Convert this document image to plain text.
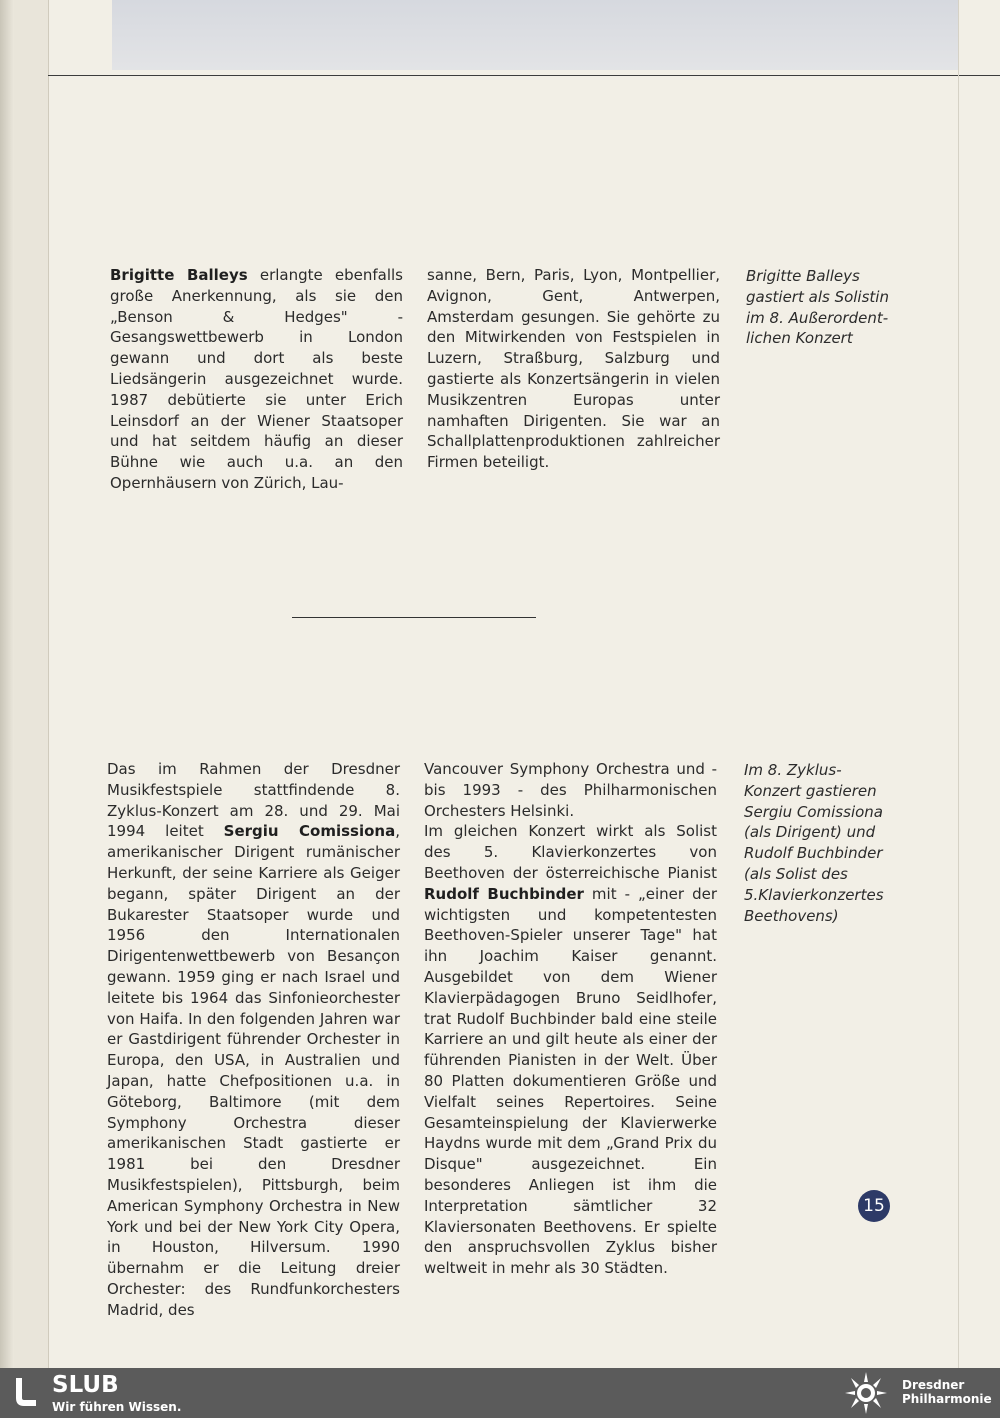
Brigitte Balleys erlangte ebenfalls große Anerkennung, als sie den „Benson & Hedges" - Gesangswettbewerb in London gewann und dort als beste Liedsängerin ausgezeichnet wurde. 1987 debütierte sie unter Erich Leinsdorf an der Wiener Staatsoper und hat seitdem häufig an dieser Bühne wie auch u.a. an den Opernhäusern von Zürich, Lau-
sanne, Bern, Paris, Lyon, Montpellier, Avignon, Gent, Antwerpen, Amsterdam gesungen. Sie gehörte zu den Mitwirkenden von Festspielen in Luzern, Straßburg, Salzburg und gastierte als Konzertsängerin in vielen Musikzentren Europas unter namhaften Dirigenten. Sie war an Schallplattenproduktionen zahlreicher Firmen beteiligt.
Brigitte Balleys
gastiert als Solistin
im 8. Außerordent-
lichen Konzert
Das im Rahmen der Dresdner Musikfestspiele stattfindende 8. Zyklus-Konzert am 28. und 29. Mai 1994 leitet Sergiu Comissiona, amerikanischer Dirigent rumänischer Herkunft, der seine Karriere als Geiger begann, später Dirigent an der Bukarester Staatsoper wurde und 1956 den Internationalen Dirigentenwettbewerb von Besançon gewann. 1959 ging er nach Israel und leitete bis 1964 das Sinfonieorchester von Haifa. In den folgenden Jahren war er Gastdirigent führender Orchester in Europa, den USA, in Australien und Japan, hatte Chefpositionen u.a. in Göteborg, Baltimore (mit dem Symphony Orchestra dieser amerikanischen Stadt gastierte er 1981 bei den Dresdner Musikfestspielen), Pittsburgh, beim American Symphony Orchestra in New York und bei der New York City Opera, in Houston, Hilversum. 1990 übernahm er die Leitung dreier Orchester: des Rundfunkorchesters Madrid, des
Vancouver Symphony Orchestra und - bis 1993 - des Philharmonischen Orchesters Helsinki.
Im gleichen Konzert wirkt als Solist des 5. Klavierkonzertes von Beethoven der österreichische Pianist Rudolf Buchbinder mit - „einer der wichtigsten und kompetentesten Beethoven-Spieler unserer Tage" hat ihn Joachim Kaiser genannt. Ausgebildet von dem Wiener Klavierpädagogen Bruno Seidlhofer, trat Rudolf Buchbinder bald eine steile Karriere an und gilt heute als einer der führenden Pianisten in der Welt. Über 80 Platten dokumentieren Größe und Vielfalt seines Repertoires. Seine Gesamteinspielung der Klavierwerke Haydns wurde mit dem „Grand Prix du Disque" ausgezeichnet. Ein besonderes Anliegen ist ihm die Interpretation sämtlicher 32 Klaviersonaten Beethovens. Er spielte den anspruchsvollen Zyklus bisher weltweit in mehr als 30 Städten.
Im 8. Zyklus-
Konzert gastieren
Sergiu Comissiona
(als Dirigent) und
Rudolf Buchbinder
(als Solist des
5.Klavierkonzertes
Beethovens)
15
SLUB
Wir führen Wissen.
Dresdner
Philharmonie
